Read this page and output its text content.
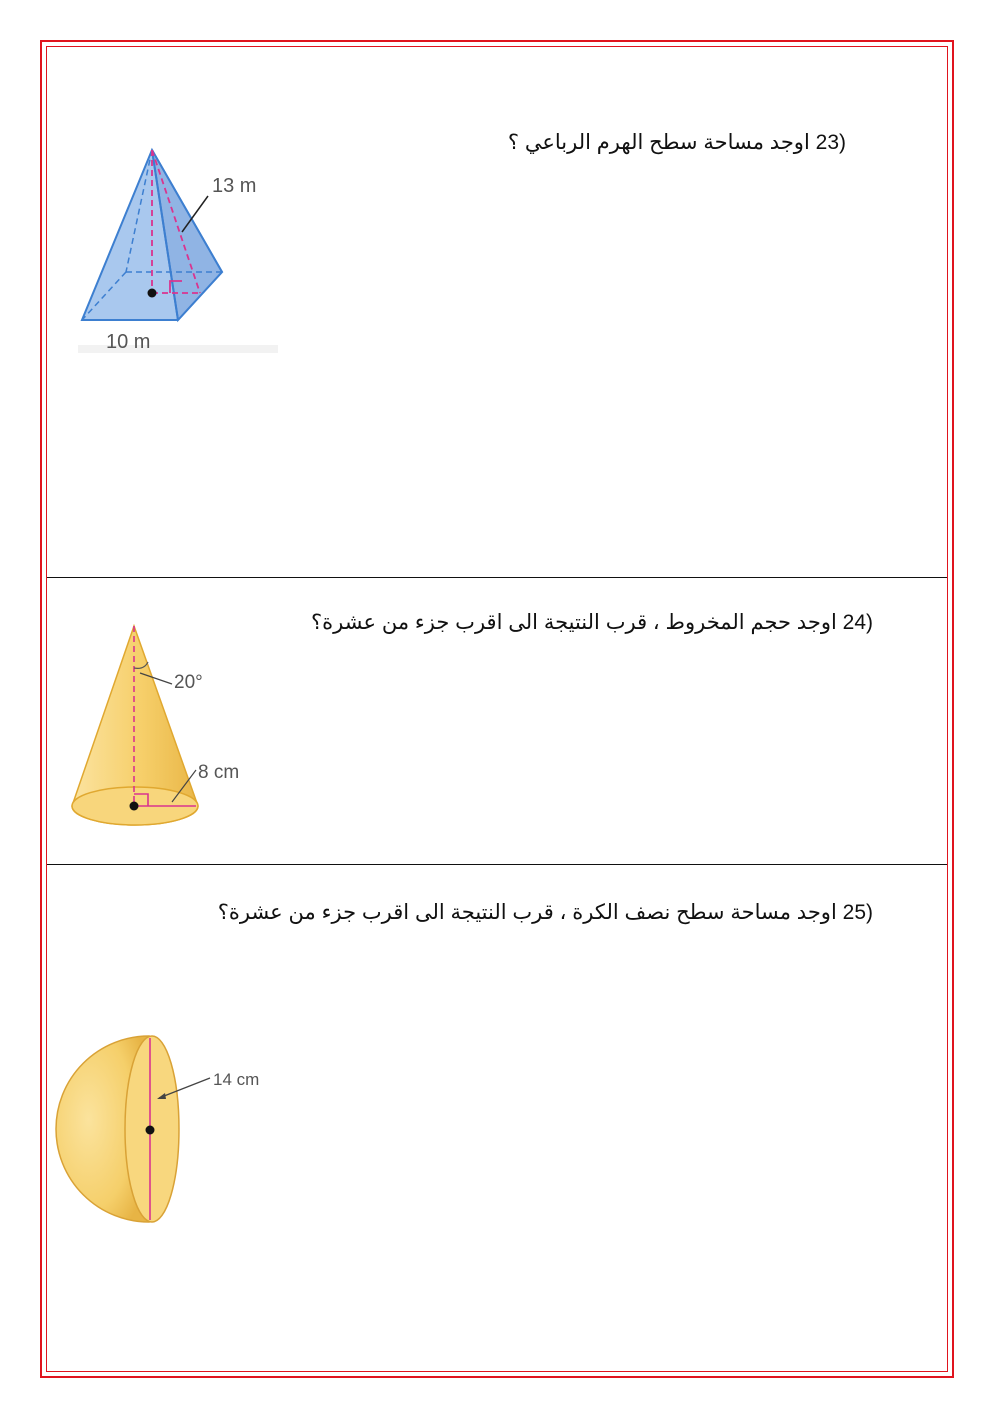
23) اوجد مساحة سطح الهرم الرباعي ؟
13 m
10 m
24) اوجد حجم المخروط ، قرب النتيجة الى اقرب جزء من عشرة؟
20°
8 cm
25) اوجد مساحة سطح نصف الكرة ، قرب النتيجة الى اقرب جزء من عشرة؟
14 cm
